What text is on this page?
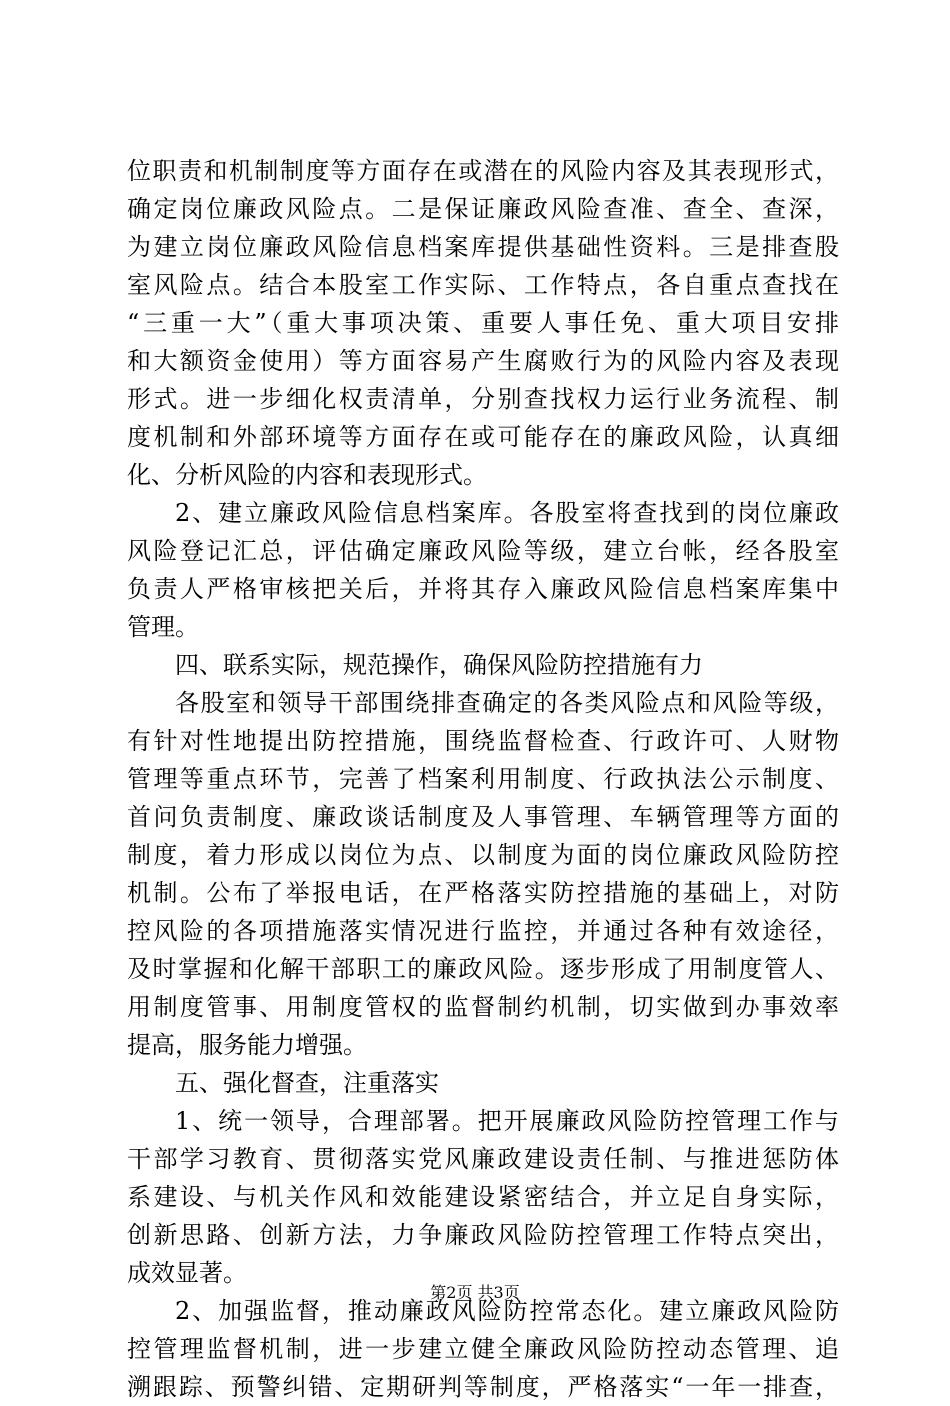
位职责和机制制度等方面存在或潜在的风险内容及其表现形式，
确定岗位廉政风险点。二是保证廉政风险查准、查全、查深，
为建立岗位廉政风险信息档案库提供基础性资料。三是排查股
室风险点。结合本股室工作实际、工作特点，各自重点查找在
“三重一大”（重大事项决策、重要人事任免、重大项目安排
和大额资金使用）等方面容易产生腐败行为的风险内容及表现
形式。进一步细化权责清单，分别查找权力运行业务流程、制
度机制和外部环境等方面存在或可能存在的廉政风险，认真细
化、分析风险的内容和表现形式。
2、建立廉政风险信息档案库。各股室将查找到的岗位廉政
风险登记汇总，评估确定廉政风险等级，建立台帐，经各股室
负责人严格审核把关后，并将其存入廉政风险信息档案库集中
管理。
四、联系实际，规范操作，确保风险防控措施有力
各股室和领导干部围绕排查确定的各类风险点和风险等级，
有针对性地提出防控措施，围绕监督检查、行政许可、人财物
管理等重点环节，完善了档案利用制度、行政执法公示制度、
首问负责制度、廉政谈话制度及人事管理、车辆管理等方面的
制度，着力形成以岗位为点、以制度为面的岗位廉政风险防控
机制。公布了举报电话，在严格落实防控措施的基础上，对防
控风险的各项措施落实情况进行监控，并通过各种有效途径，
及时掌握和化解干部职工的廉政风险。逐步形成了用制度管人、
用制度管事、用制度管权的监督制约机制，切实做到办事效率
提高，服务能力增强。
五、强化督查，注重落实
1、统一领导，合理部署。把开展廉政风险防控管理工作与
干部学习教育、贯彻落实党风廉政建设责任制、与推进惩防体
系建设、与机关作风和效能建设紧密结合，并立足自身实际，
创新思路、创新方法，力争廉政风险防控管理工作特点突出，
成效显著。
2、加强监督，推动廉政风险防控常态化。建立廉政风险防
控管理监督机制，进一步建立健全廉政风险防控动态管理、追
溯跟踪、预警纠错、定期研判等制度，严格落实“一年一排查，
第2页 共3页
